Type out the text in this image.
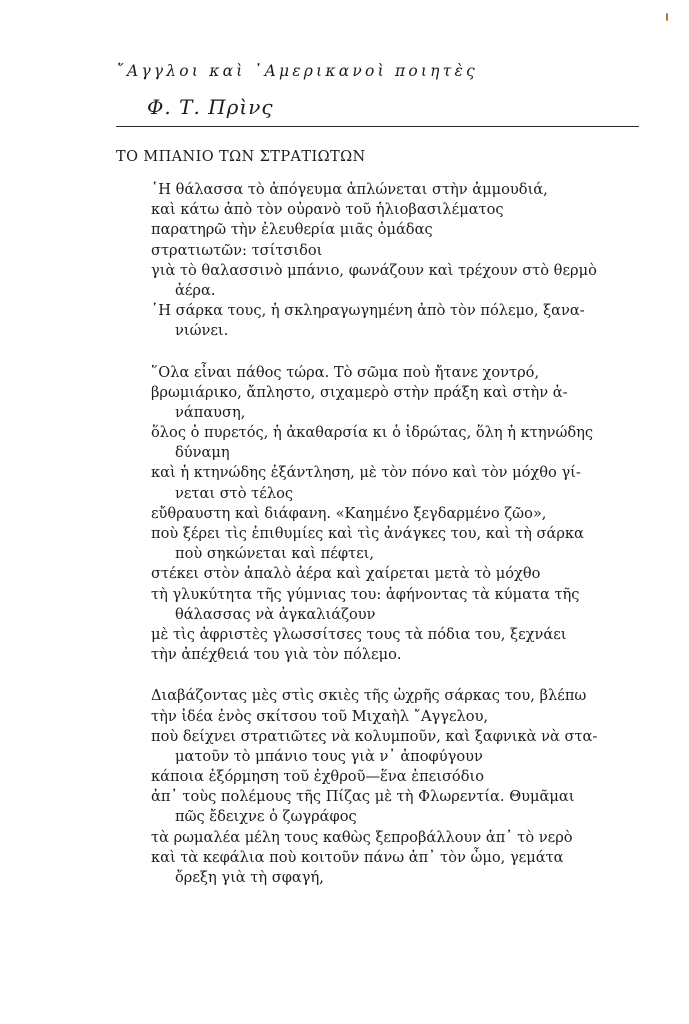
῎Αγγλοι καὶ ᾿Αμερικανοὶ ποιητὲς
Φ. Τ. Πρὶνς
ΤΟ ΜΠΑΝΙΟ ΤΩΝ ΣΤΡΑΤΙΩΤΩΝ
῾Η θάλασσα τὸ ἀπόγευμα ἁπλώνεται στὴν ἀμμουδιά,
καὶ κάτω ἀπὸ τὸν οὐρανὸ τοῦ ἡλιοβασιλέματος
παρατηρῶ τὴν ἐλευθερία μιᾶς ὁμάδας
στρατιωτῶν: τσίτσιδοι
γιὰ τὸ θαλασσινὸ μπάνιο, φωνάζουν καὶ τρέχουν στὸ θερμὸ
ἀέρα.
῾Η σάρκα τους, ἡ σκληραγωγημένη ἀπὸ τὸν πόλεμο, ξανα-
νιώνει.
῞Ολα εἶναι πάθος τώρα. Τὸ σῶμα ποὺ ἤτανε χοντρό,
βρωμιάρικο, ἄπληστο, σιχαμερὸ στὴν πράξη καὶ στὴν ἀ-
νάπαυση,
ὅλος ὁ πυρετός, ἡ ἀκαθαρσία κι ὁ ἱδρώτας, ὅλη ἡ κτηνώδης
δύναμη
καὶ ἡ κτηνώδης ἐξάντληση, μὲ τὸν πόνο καὶ τὸν μόχθο γί-
νεται στὸ τέλος
εὔθραυστη καὶ διάφανη. «Καημένο ξεγδαρμένο ζῶο»,
ποὺ ξέρει τὶς ἐπιθυμίες καὶ τὶς ἀνάγκες του, καὶ τὴ σάρκα
ποὺ σηκώνεται καὶ πέφτει,
στέκει στὸν ἁπαλὸ ἀέρα καὶ χαίρεται μετὰ τὸ μόχθο
τὴ γλυκύτητα τῆς γύμνιας του: ἀφήνοντας τὰ κύματα τῆς
θάλασσας νὰ ἀγκαλιάζουν
μὲ τὶς ἀφριστὲς γλωσσίτσες τους τὰ πόδια του, ξεχνάει
τὴν ἀπέχθειά του γιὰ τὸν πόλεμο.
Διαβάζοντας μὲς στὶς σκιὲς τῆς ὠχρῆς σάρκας του, βλέπω
τὴν ἰδέα ἑνὸς σκίτσου τοῦ Μιχαὴλ ῎Αγγελου,
ποὺ δείχνει στρατιῶτες νὰ κολυμποῦν, καὶ ξαφνικὰ νὰ στα-
ματοῦν τὸ μπάνιο τους γιὰ ν᾿ ἀποφύγουν
κάποια ἐξόρμηση τοῦ ἐχθροῦ—ἕνα ἐπεισόδιο
ἀπ᾿ τοὺς πολέμους τῆς Πίζας μὲ τὴ Φλωρεντία. Θυμᾶμαι
πῶς ἔδειχνε ὁ ζωγράφος
τὰ ρωμαλέα μέλη τους καθὼς ξεπροβάλλουν ἀπ᾿ τὸ νερὸ
καὶ τὰ κεφάλια ποὺ κοιτοῦν πάνω ἀπ᾿ τὸν ὦμο, γεμάτα
ὄρεξη γιὰ τὴ σφαγή,
